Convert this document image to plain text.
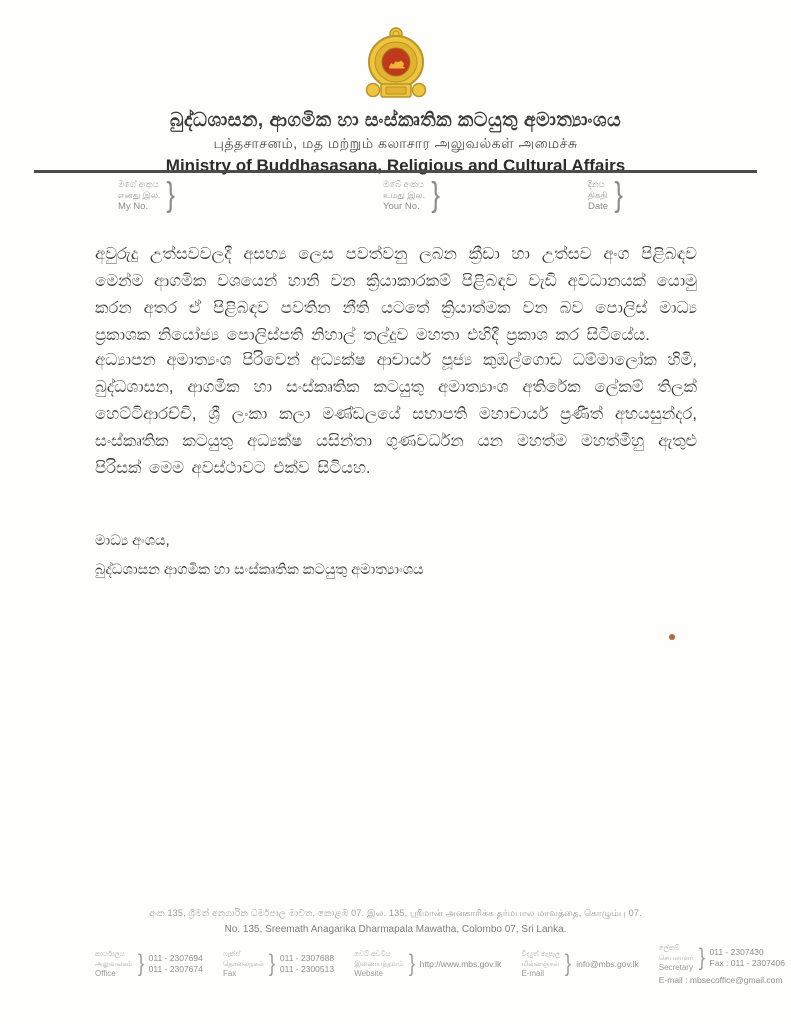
බුද්ධශාසන, ආගමික හා සංස්කෘතික කටයුතු අමාත්‍යාංශය
புத்தசாசனம், மத மற்றும் கலாசார அலுவல்கள் அமைச்சு
Ministry of Buddhasasana, Religious and Cultural Affairs
මගේ අංකය
எனது இல.
My No. }	ඔබේ අංකය
உமது இல.
Your No. }	දිනය
திகதி
Date }

අවුරුදු උත්සවවලදී අසභ්‍ය ලෙස පවත්වනු ලබන ක්‍රීඩා හා උත්සව අංග පිළිබඳව මෙන්ම ආගමික වශයෙන් හානි වන ක්‍රියාකාරකම් පිළිබඳව වැඩි අවධානයක් යොමු කරන අතර ඒ පිළිබඳව පවතින නීති යටතේ ක්‍රියාත්මක වන බව පොලිස් මාධ්‍ය ප්‍රකාශක නියෝජ්‍ය පොලිස්පති නිහාල් තල්දුව මහතා එහිදී ප්‍රකාශ කර සිටියේය.

අධ්‍යාපන අමාත්‍යංශ පිරිවෙන් අධ්‍යක්ෂ ආචාර්ය පූජ්‍ය කුඹල්ගොඩ ධම්මාලෝක හිමි, බුද්ධශාසන, ආගමික හා සංස්කෘතික කටයුතු අමාත්‍යාංශ අතිරේක ලේකම් තිලක් හෙට්ටිආරච්චි, ශ්‍රී ලංකා කලා මණ්ඩලයේ සභාපති මහාචාර්ය ප්‍රණීත් අභයසුන්දර, සංස්කෘතික කටයුතු අධ්‍යක්ෂ යසින්තා ගුණවර්ධන යන මහත්ම මහත්මීහු ඇතුළු පිරිසක් මෙම අවස්ථාවට එක්ව සිටියහ.

මාධ්‍ය අංශය,
බුද්ධශාසන ආගමික හා සංස්කෘතික කටයුතු අමාත්‍යාංශය
අංක 135, ශ්‍රීමත් අනගාරික ධර්මපාල මාවත, කොළඹ 07. இல. 135, ஸ்ரீமான் அனகாரிக்க தர்மபால மாவத்தை, கொழும்பு 07.
No. 135, Sreemath Anagarika Dharmapala Mawatha, Colombo 07, Sri Lanka.
කාර්යාලය
அலுவலகம்
Office } 011 - 2307694
011 - 2307674
ෆැක්ස්
தொலைநகல்
Fax	} 011 - 2307688
011 - 2300513
වෙබ් අඩවිය
இணையத்தளம்
Website	} http://www.mbs.gov.lk
විද්‍යුත් තැපෑල
மின்னஞ்சல்
E-mail } info@mbs.gov.lk
ලේකම්
செயலாளர்
Secretary } 011 - 2307430
Fax : 011 - 2307406
E-mail : mbsecoffice@gmail.com
